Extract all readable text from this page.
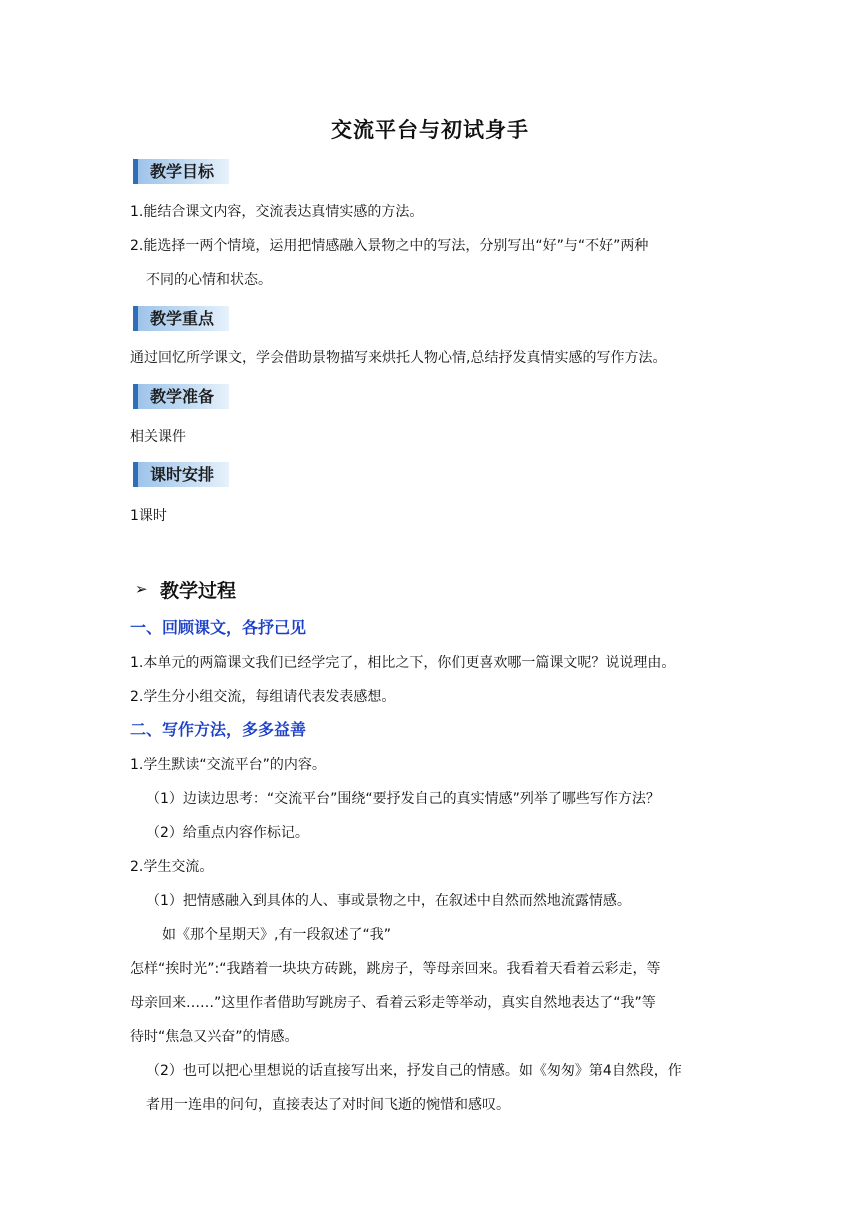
交流平台与初试身手
教学目标
1.能结合课文内容，交流表达真情实感的方法。
2.能选择一两个情境，运用把情感融入景物之中的写法，分别写出“好”与“不好”两种
不同的心情和状态。
教学重点
通过回忆所学课文，学会借助景物描写来烘托人物心情,总结抒发真情实感的写作方法。
教学准备
相关课件
课时安排
1课时
➢ 教学过程
一、回顾课文，各抒己见
1.本单元的两篇课文我们已经学完了，相比之下，你们更喜欢哪一篇课文呢？说说理由。
2.学生分小组交流，每组请代表发表感想。
二、写作方法，多多益善
1.学生默读“交流平台”的内容。
（1）边读边思考：“交流平台”围绕“要抒发自己的真实情感”列举了哪些写作方法？
（2）给重点内容作标记。
2.学生交流。
（1）把情感融入到具体的人、事或景物之中，在叙述中自然而然地流露情感。
如《那个星期天》,有一段叙述了“我”
怎样“挨时光”:“我踏着一块块方砖跳，跳房子，等母亲回来。我看着天看着云彩走，等
母亲回来……”这里作者借助写跳房子、看着云彩走等举动，真实自然地表达了“我”等
待时“焦急又兴奋”的情感。
（2）也可以把心里想说的话直接写出来，抒发自己的情感。如《匆匆》第4自然段，作
者用一连串的问句，直接表达了对时间飞逝的惋惜和感叹。
